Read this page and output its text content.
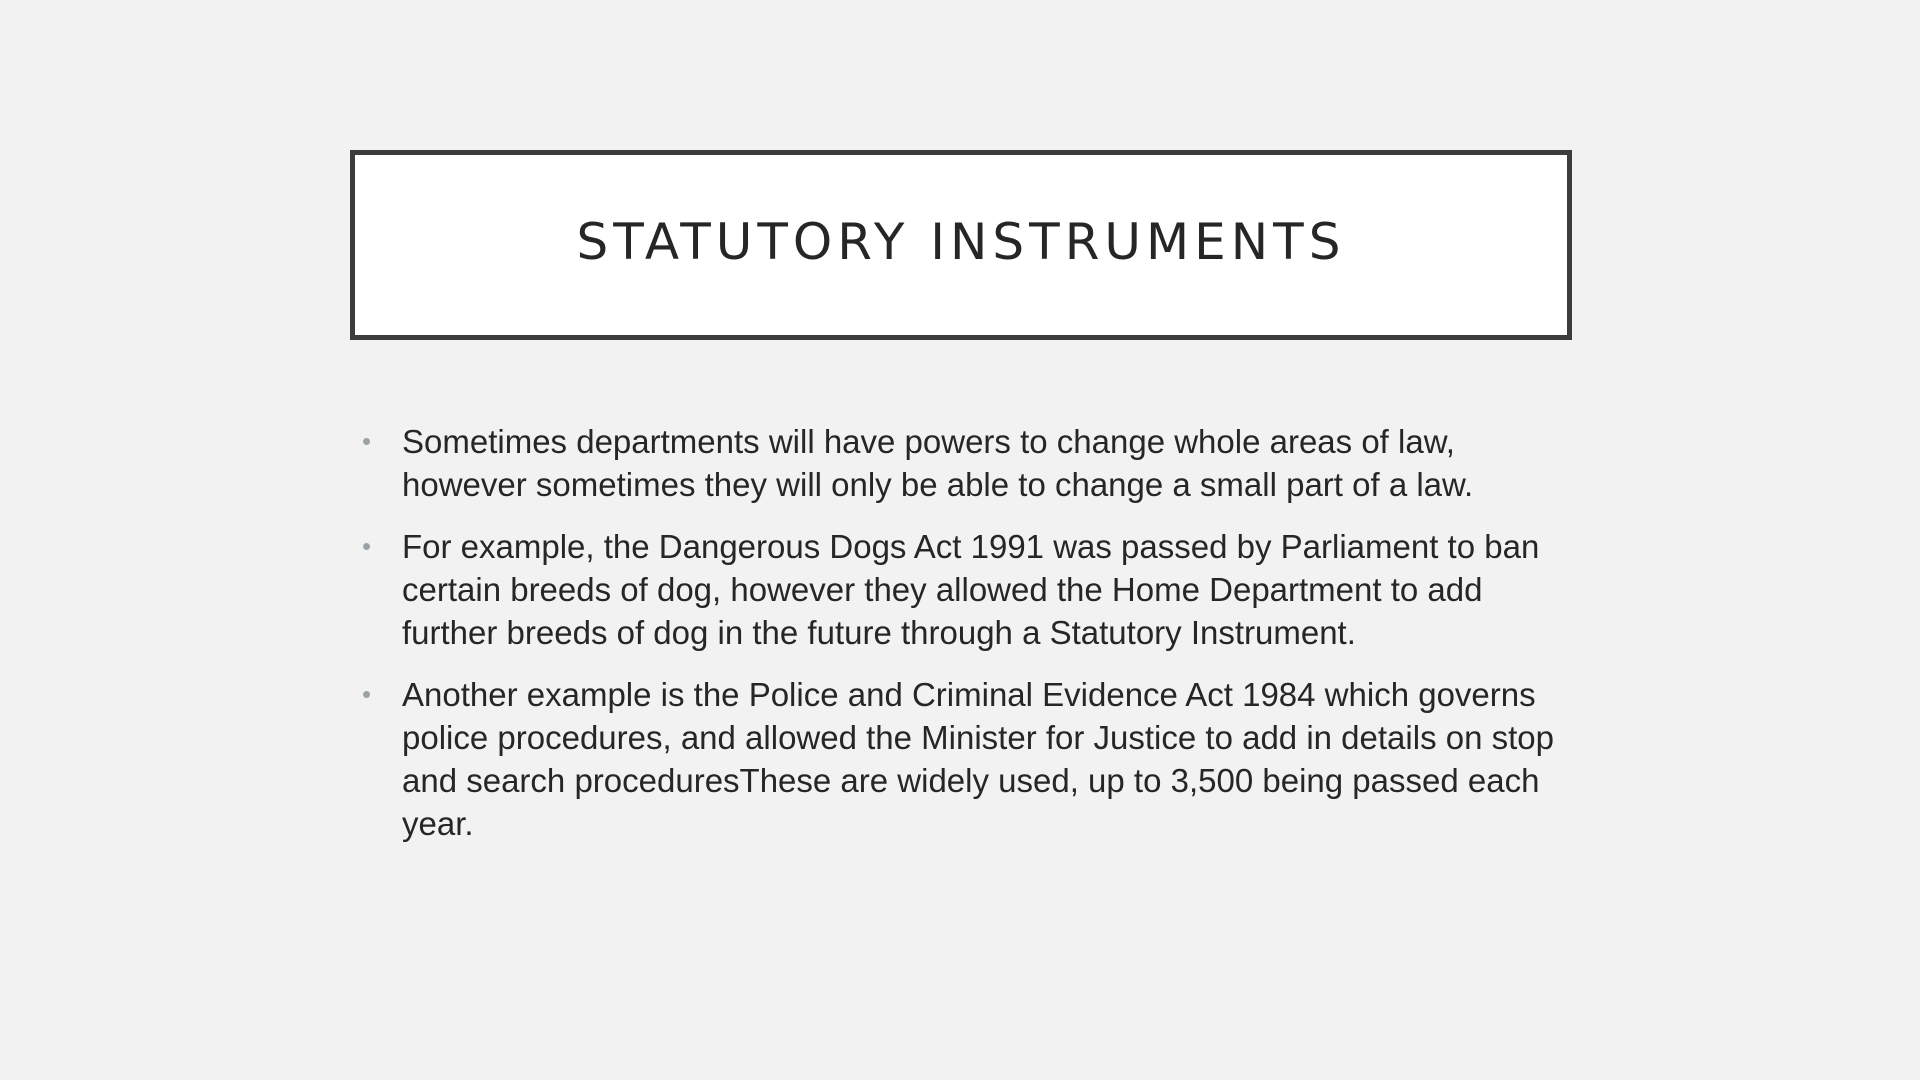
STATUTORY INSTRUMENTS
• Sometimes departments will have powers to change whole areas of law, however sometimes they will only be able to change a small part of a law.
• For example, the Dangerous Dogs Act 1991 was passed by Parliament to ban certain breeds of dog, however they allowed the Home Department to add further breeds of dog in the future through a Statutory Instrument.
• Another example is the Police and Criminal Evidence Act 1984 which governs police procedures, and allowed the Minister for Justice to add in details on stop and search proceduresThese are widely used, up to 3,500 being passed each year.
